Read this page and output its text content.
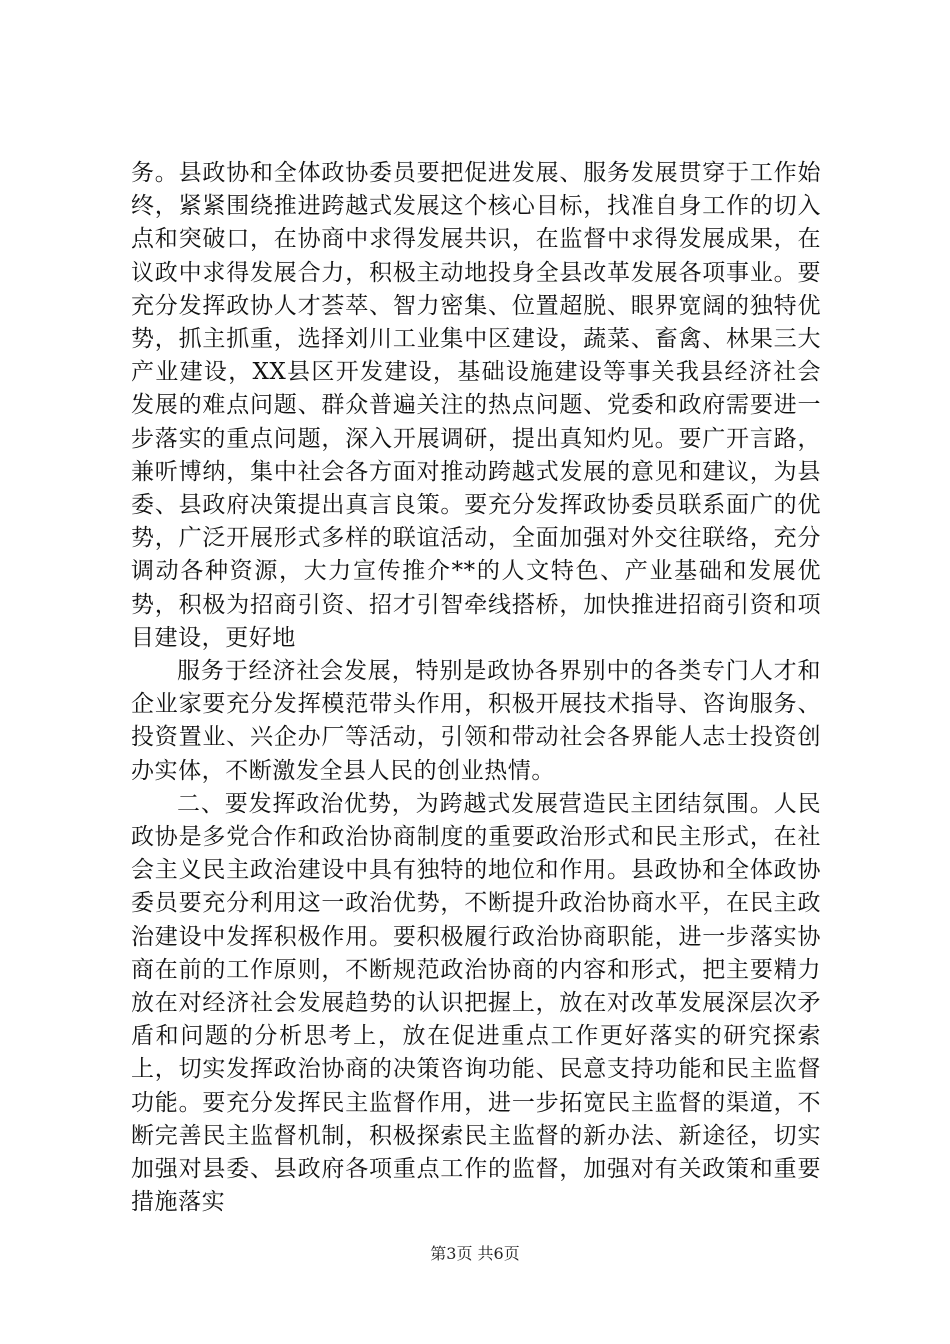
务。县政协和全体政协委员要把促进发展、服务发展贯穿于工作始终，紧紧围绕推进跨越式发展这个核心目标，找准自身工作的切入点和突破口，在协商中求得发展共识，在监督中求得发展成果，在议政中求得发展合力，积极主动地投身全县改革发展各项事业。要充分发挥政协人才荟萃、智力密集、位置超脱、眼界宽阔的独特优势，抓主抓重，选择刘川工业集中区建设，蔬菜、畜禽、林果三大产业建设，XX县区开发建设，基础设施建设等事关我县经济社会发展的难点问题、群众普遍关注的热点问题、党委和政府需要进一步落实的重点问题，深入开展调研，提出真知灼见。要广开言路，兼听博纳，集中社会各方面对推动跨越式发展的意见和建议，为县委、县政府决策提出真言良策。要充分发挥政协委员联系面广的优势，广泛开展形式多样的联谊活动，全面加强对外交往联络，充分调动各种资源，大力宣传推介**的人文特色、产业基础和发展优势，积极为招商引资、招才引智牵线搭桥，加快推进招商引资和项目建设，更好地

服务于经济社会发展，特别是政协各界别中的各类专门人才和企业家要充分发挥模范带头作用，积极开展技术指导、咨询服务、投资置业、兴企办厂等活动，引领和带动社会各界能人志士投资创办实体，不断激发全县人民的创业热情。

二、要发挥政治优势，为跨越式发展营造民主团结氛围。人民政协是多党合作和政治协商制度的重要政治形式和民主形式，在社会主义民主政治建设中具有独特的地位和作用。县政协和全体政协委员要充分利用这一政治优势，不断提升政治协商水平，在民主政治建设中发挥积极作用。要积极履行政治协商职能，进一步落实协商在前的工作原则，不断规范政治协商的内容和形式，把主要精力放在对经济社会发展趋势的认识把握上，放在对改革发展深层次矛盾和问题的分析思考上，放在促进重点工作更好落实的研究探索上，切实发挥政治协商的决策咨询功能、民意支持功能和民主监督功能。要充分发挥民主监督作用，进一步拓宽民主监督的渠道，不断完善民主监督机制，积极探索民主监督的新办法、新途径，切实加强对县委、县政府各项重点工作的监督，加强对有关政策和重要措施落实

第3页 共6页
